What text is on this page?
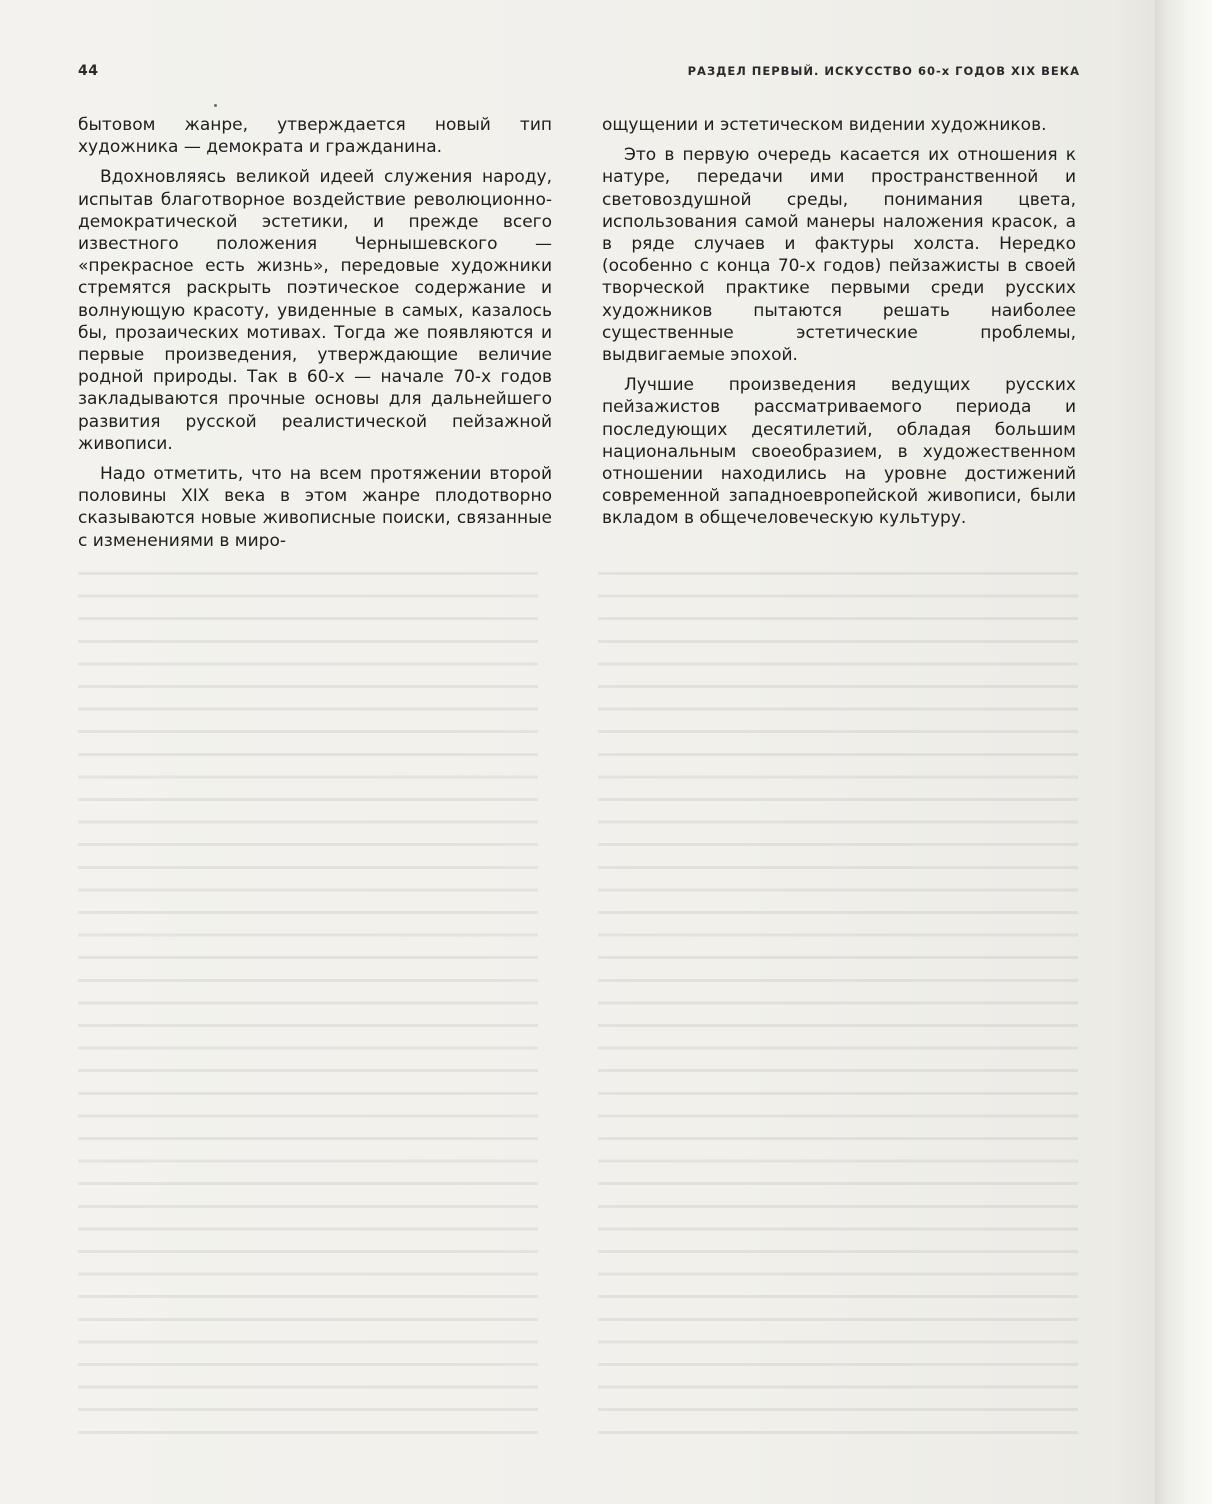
44	РАЗДЕЛ ПЕРВЫЙ. ИСКУССТВО 60-х ГОДОВ XIX ВЕКА

бытовом жанре, утверждается новый тип художника — демократа и гражданина.

Вдохновляясь великой идеей служения народу, испытав благотворное воздействие революционно-демократической эстетики, и прежде всего известного положения Чернышевского — «прекрасное есть жизнь», передовые художники стремятся раскрыть поэтическое содержание и волнующую красоту, увиденные в самых, казалось бы, прозаических мотивах. Тогда же появляются и первые произведения, утверждающие величие родной природы. Так в 60-х — начале 70-х годов закладываются прочные основы для дальнейшего развития русской реалистической пейзажной живописи.

Надо отметить, что на всем протяжении второй половины XIX века в этом жанре плодотворно сказываются новые живописные поиски, связанные с изменениями в миро-

ощущении и эстетическом видении художников.

Это в первую очередь касается их отношения к натуре, передачи ими пространственной и световоздушной среды, понимания цвета, использования самой манеры наложения красок, а в ряде случаев и фактуры холста. Нередко (особенно с конца 70-х годов) пейзажисты в своей творческой практике первыми среди русских художников пытаются решать наиболее существенные эстетические проблемы, выдвигаемые эпохой.

Лучшие произведения ведущих русских пейзажистов рассматриваемого периода и последующих десятилетий, обладая большим национальным своеобразием, в художественном отношении находились на уровне достижений современной западноевропейской живописи, были вкладом в общечеловеческую культуру.
